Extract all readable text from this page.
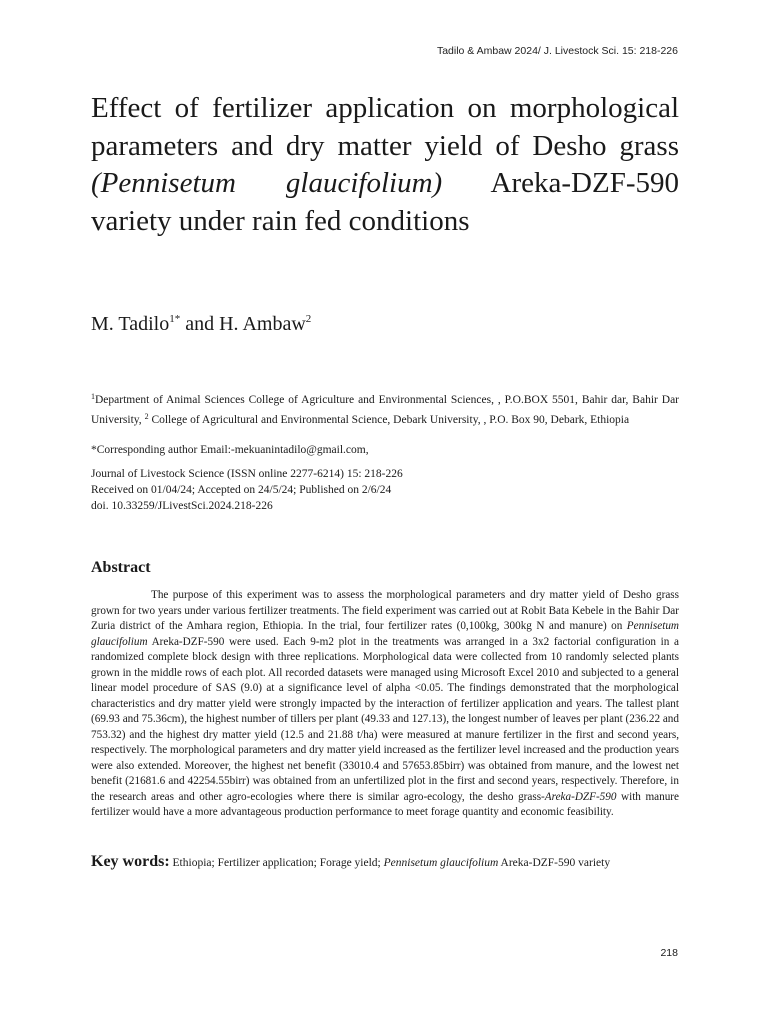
Tadilo & Ambaw 2024/ J. Livestock Sci. 15: 218-226
Effect of fertilizer application on morphological parameters and dry matter yield of Desho grass (Pennisetum glaucifolium) Areka-DZF-590 variety under rain fed conditions
M. Tadilo$^{1*}$ and H. Ambaw$^2$
$^1$Department of Animal Sciences College of Agriculture and Environmental Sciences, , P.O.BOX 5501, Bahir dar, Bahir Dar University, $^2$ College of Agricultural and Environmental Science, Debark University, , P.O. Box 90, Debark, Ethiopia
*Corresponding author Email:-mekuanintadilo@gmail.com,
Journal of Livestock Science (ISSN online 2277-6214) 15: 218-226
Received on 01/04/24; Accepted on 24/5/24; Published on 2/6/24
doi. 10.33259/JLivestSci.2024.218-226
Abstract

The purpose of this experiment was to assess the morphological parameters and dry matter yield of Desho grass grown for two years under various fertilizer treatments. The field experiment was carried out at Robit Bata Kebele in the Bahir Dar Zuria district of the Amhara region, Ethiopia. In the trial, four fertilizer rates (0,100kg, 300kg N and manure) on Pennisetum glaucifolium Areka-DZF-590 were used. Each 9-m2 plot in the treatments was arranged in a 3x2 factorial configuration in a randomized complete block design with three replications. Morphological data were collected from 10 randomly selected plants grown in the middle rows of each plot. All recorded datasets were managed using Microsoft Excel 2010 and subjected to a general linear model procedure of SAS (9.0) at a significance level of alpha <0.05. The findings demonstrated that the morphological characteristics and dry matter yield were strongly impacted by the interaction of fertilizer application and years. The tallest plant (69.93 and 75.36cm), the highest number of tillers per plant (49.33 and 127.13), the longest number of leaves per plant (236.22 and 753.32) and the highest dry matter yield (12.5 and 21.88 t/ha) were measured at manure fertilizer in the first and second years, respectively. The morphological parameters and dry matter yield increased as the fertilizer level increased and the production years were also extended. Moreover, the highest net benefit (33010.4 and 57653.85birr) was obtained from manure, and the lowest net benefit (21681.6 and 42254.55birr) was obtained from an unfertilized plot in the first and second years, respectively. Therefore, in the research areas and other agro-ecologies where there is similar agro-ecology, the desho grass-Areka-DZF-590 with manure fertilizer would have a more advantageous production performance to meet forage quantity and economic feasibility.

Key words: Ethiopia; Fertilizer application; Forage yield; Pennisetum glaucifolium Areka-DZF-590 variety
218
